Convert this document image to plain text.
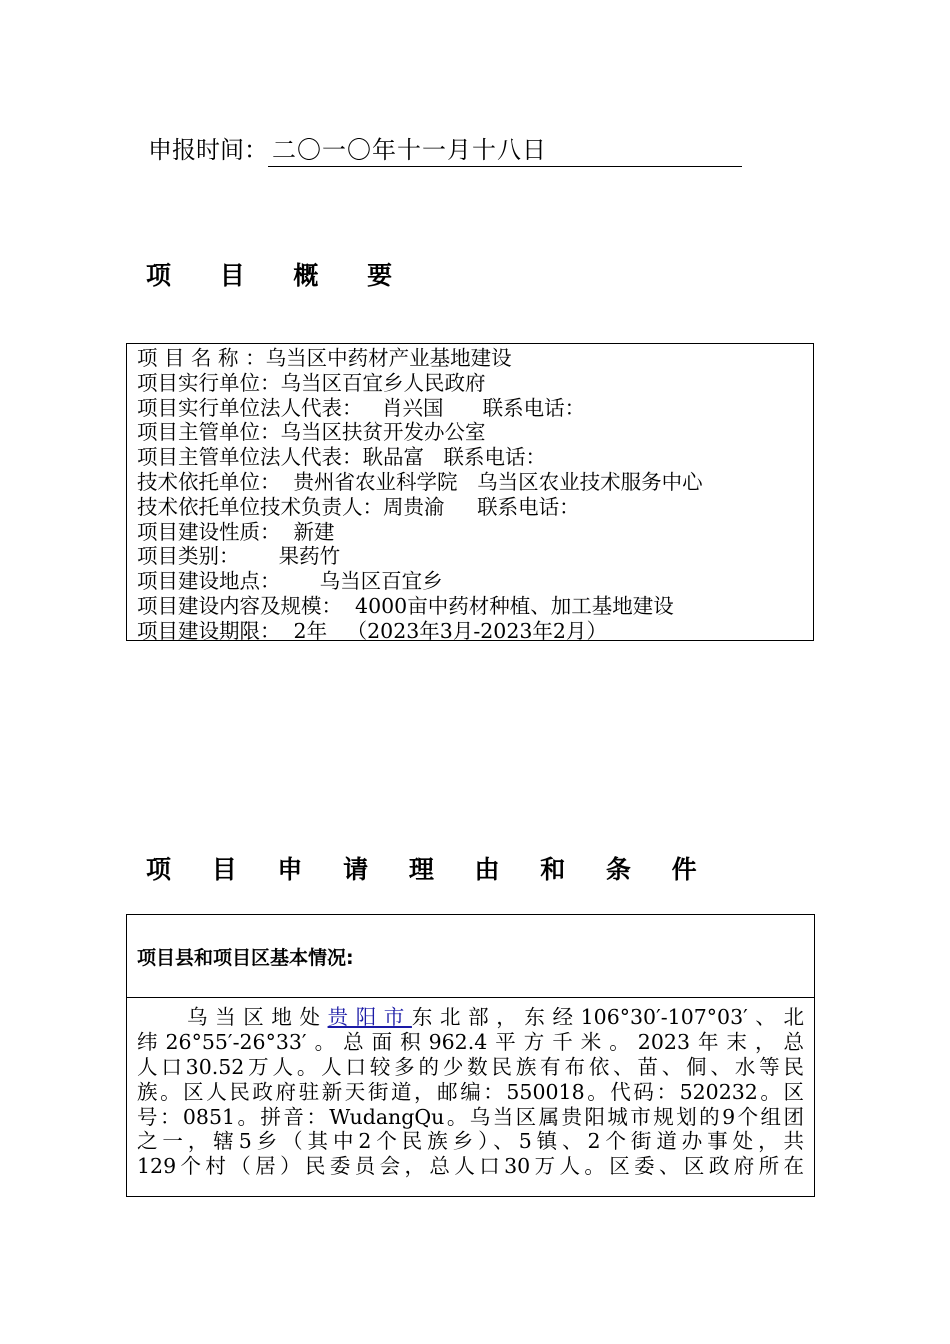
申报时间： 二〇一〇年十一月十八日
项 目 概 要
项 目 名 称 ：乌当区中药材产业基地建设
项目实行单位：乌当区百宜乡人民政府
项目实行单位法人代表：   肖兴国      联系电话：
项目主管单位：乌当区扶贫开发办公室
项目主管单位法人代表：耿品富   联系电话：
技术依托单位：  贵州省农业科学院   乌当区农业技术服务中心
技术依托单位技术负责人：周贵渝     联系电话：
项目建设性质：  新建
项目类别：      果药竹
项目建设地点：      乌当区百宜乡
项目建设内容及规模：  4000亩中药材种植、加工基地建设
项目建设期限：  2年   （2023年3月-2023年2月）
项 目 申 请 理 由 和 条 件
项目县和项目区基本情况:
乌当区地处贵阳市东北部，东经106°30′-107°03′、北
纬26°55′-26°33′。总面积962.4平方千米。2023年末，总
人口30.52万人。人口较多的少数民族有布依、苗、侗、水等民
族。区人民政府驻新天街道，邮编：550018。代码：520232。区
号：0851。拼音：WudangQu。乌当区属贵阳城市规划的9个组团
之一，辖5乡（其中2个民族乡）、5镇、2个街道办事处，共
129个村（居）民委员会，总人口30万人。区委、区政府所在
